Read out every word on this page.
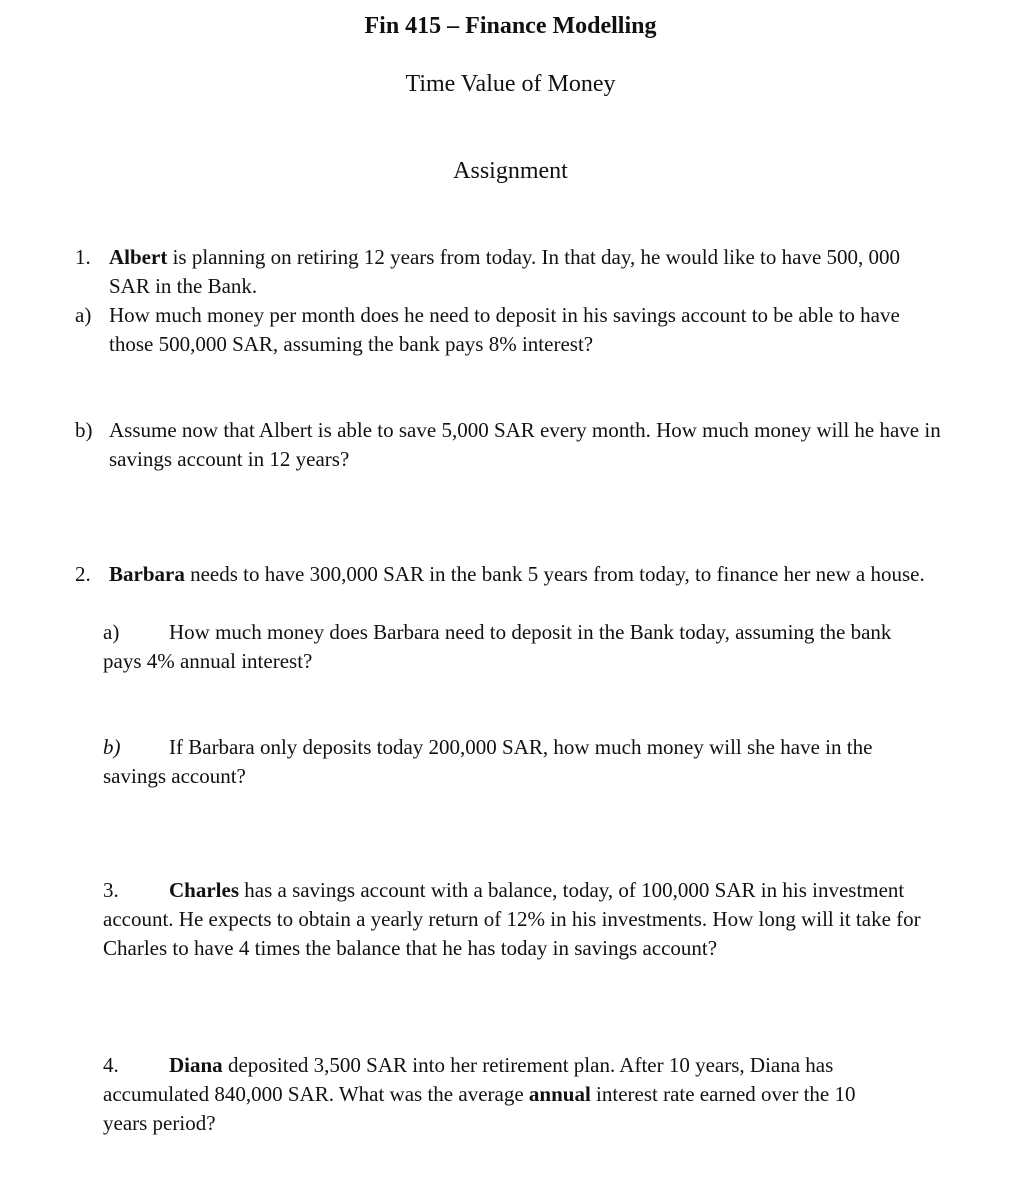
Fin 415 – Finance Modelling
Time Value of Money
Assignment
1. Albert is planning on retiring 12 years from today. In that day, he would like to have 500, 000 SAR in the Bank.
a) How much money per month does he need to deposit in his savings account to be able to have those 500,000 SAR, assuming the bank pays 8% interest?
b) Assume now that Albert is able to save 5,000 SAR every month. How much money will he have in savings account in 12 years?
2. Barbara needs to have 300,000 SAR in the bank 5 years from today, to finance her new a house.
a) How much money does Barbara need to deposit in the Bank today, assuming the bank pays 4% annual interest?
b) If Barbara only deposits today 200,000 SAR, how much money will she have in the savings account?
3. Charles has a savings account with a balance, today, of 100,000 SAR in his investment account. He expects to obtain a yearly return of 12% in his investments. How long will it take for Charles to have 4 times the balance that he has today in savings account?
4. Diana deposited 3,500 SAR into her retirement plan. After 10 years, Diana has accumulated 840,000 SAR. What was the average annual interest rate earned over the 10 years period?
